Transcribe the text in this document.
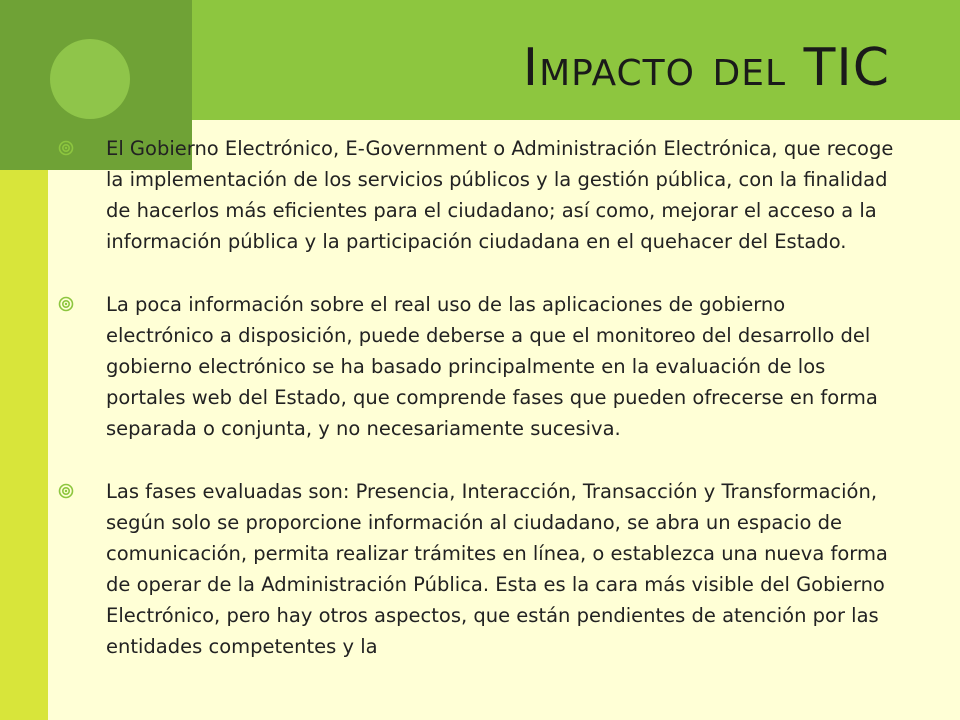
Impacto del TIC
El Gobierno Electrónico, E-Government o Administración Electrónica, que recoge la implementación de los servicios públicos y la gestión pública, con la finalidad de hacerlos más eficientes para el ciudadano; así como, mejorar el acceso a la información pública y la participación ciudadana en el quehacer del Estado.
La poca información sobre el real uso de las aplicaciones de gobierno electrónico a disposición, puede deberse a que el monitoreo del desarrollo del gobierno electrónico se ha basado principalmente en la evaluación de los portales web del Estado, que comprende fases que pueden ofrecerse en forma separada o conjunta, y no necesariamente sucesiva.
Las fases evaluadas son: Presencia, Interacción, Transacción y Transformación, según solo se proporcione información al ciudadano, se abra un espacio de comunicación, permita realizar trámites en línea, o establezca una nueva forma de operar de la Administración Pública. Esta es la cara más visible del Gobierno Electrónico, pero hay otros aspectos, que están pendientes de atención por las entidades competentes y la
